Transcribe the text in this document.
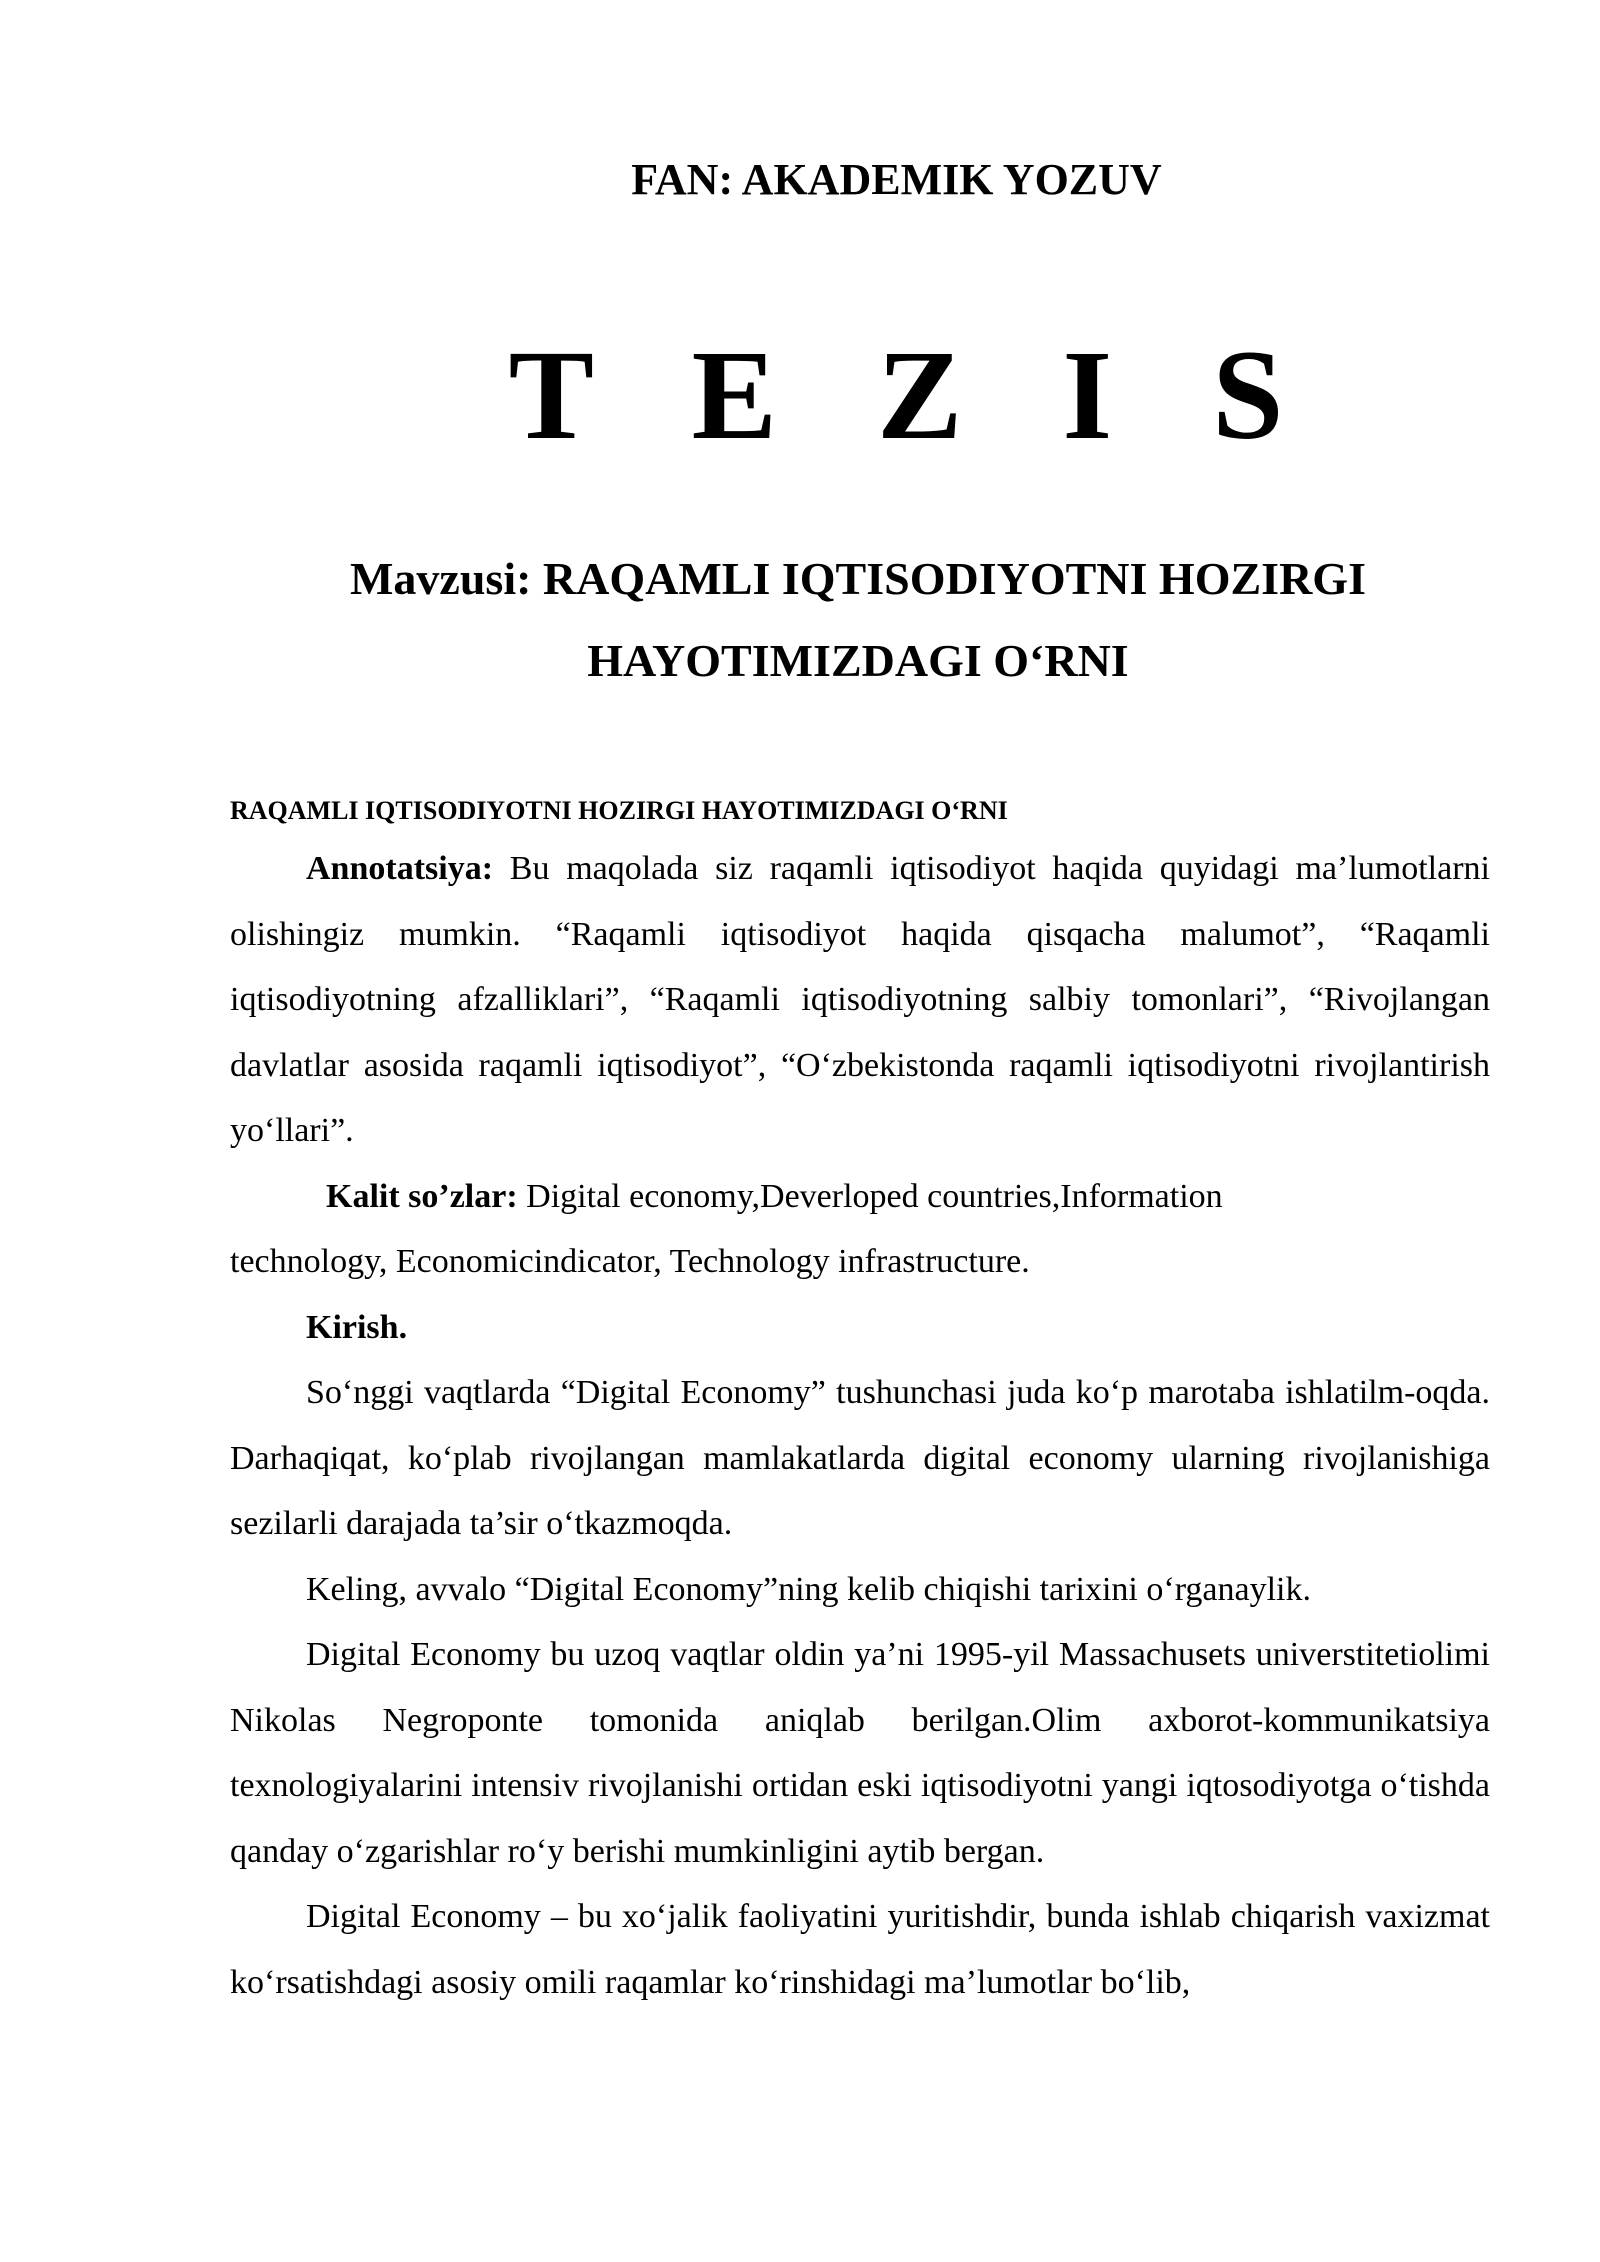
FAN: AKADEMIK YOZUV
T E Z I S
Mavzusi: RAQAMLI IQTISODIYOTNI HOZIRGI
HAYOTIMIZDAGI O‘RNI

RAQAMLI IQTISODIYOTNI HOZIRGI HAYOTIMIZDAGI O‘RNI

Annotatsiya: Bu maqolada siz raqamli iqtisodiyot haqida quyidagi ma’lumotlarni olishingiz mumkin. “Raqamli iqtisodiyot haqida qisqacha malumot”, “Raqamli iqtisodiyotning afzalliklari”, “Raqamli iqtisodiyotning salbiy tomonlari”, “Rivojlangan davlatlar asosida raqamli iqtisodiyot”, “O‘zbekistonda raqamli iqtisodiyotni rivojlantirish yo‘llari”.

Kalit so’zlar: Digital economy,Deverloped countries,Information

technology, Economicindicator, Technology infrastructure.

Kirish.

So‘nggi vaqtlarda “Digital Economy” tushunchasi juda ko‘p marotaba ishlatilm-oqda. Darhaqiqat, ko‘plab rivojlangan mamlakatlarda digital economy ularning rivojlanishiga sezilarli darajada ta’sir o‘tkazmoqda.

Keling, avvalo “Digital Economy”ning kelib chiqishi tarixini o‘rganaylik.

Digital Economy bu uzoq vaqtlar oldin ya’ni 1995-yil Massachusets universtitetiolimi Nikolas Negroponte tomonida aniqlab berilgan.Olim axborot-kommunikatsiya texnologiyalarini intensiv rivojlanishi ortidan eski iqtisodiyotni yangi iqtosodiyotga o‘tishda qanday o‘zgarishlar ro‘y berishi mumkinligini aytib bergan.

Digital Economy – bu xo‘jalik faoliyatini yuritishdir, bunda ishlab chiqarish vaxizmat ko‘rsatishdagi asosiy omili raqamlar ko‘rinshidagi ma’lumotlar bo‘lib,
